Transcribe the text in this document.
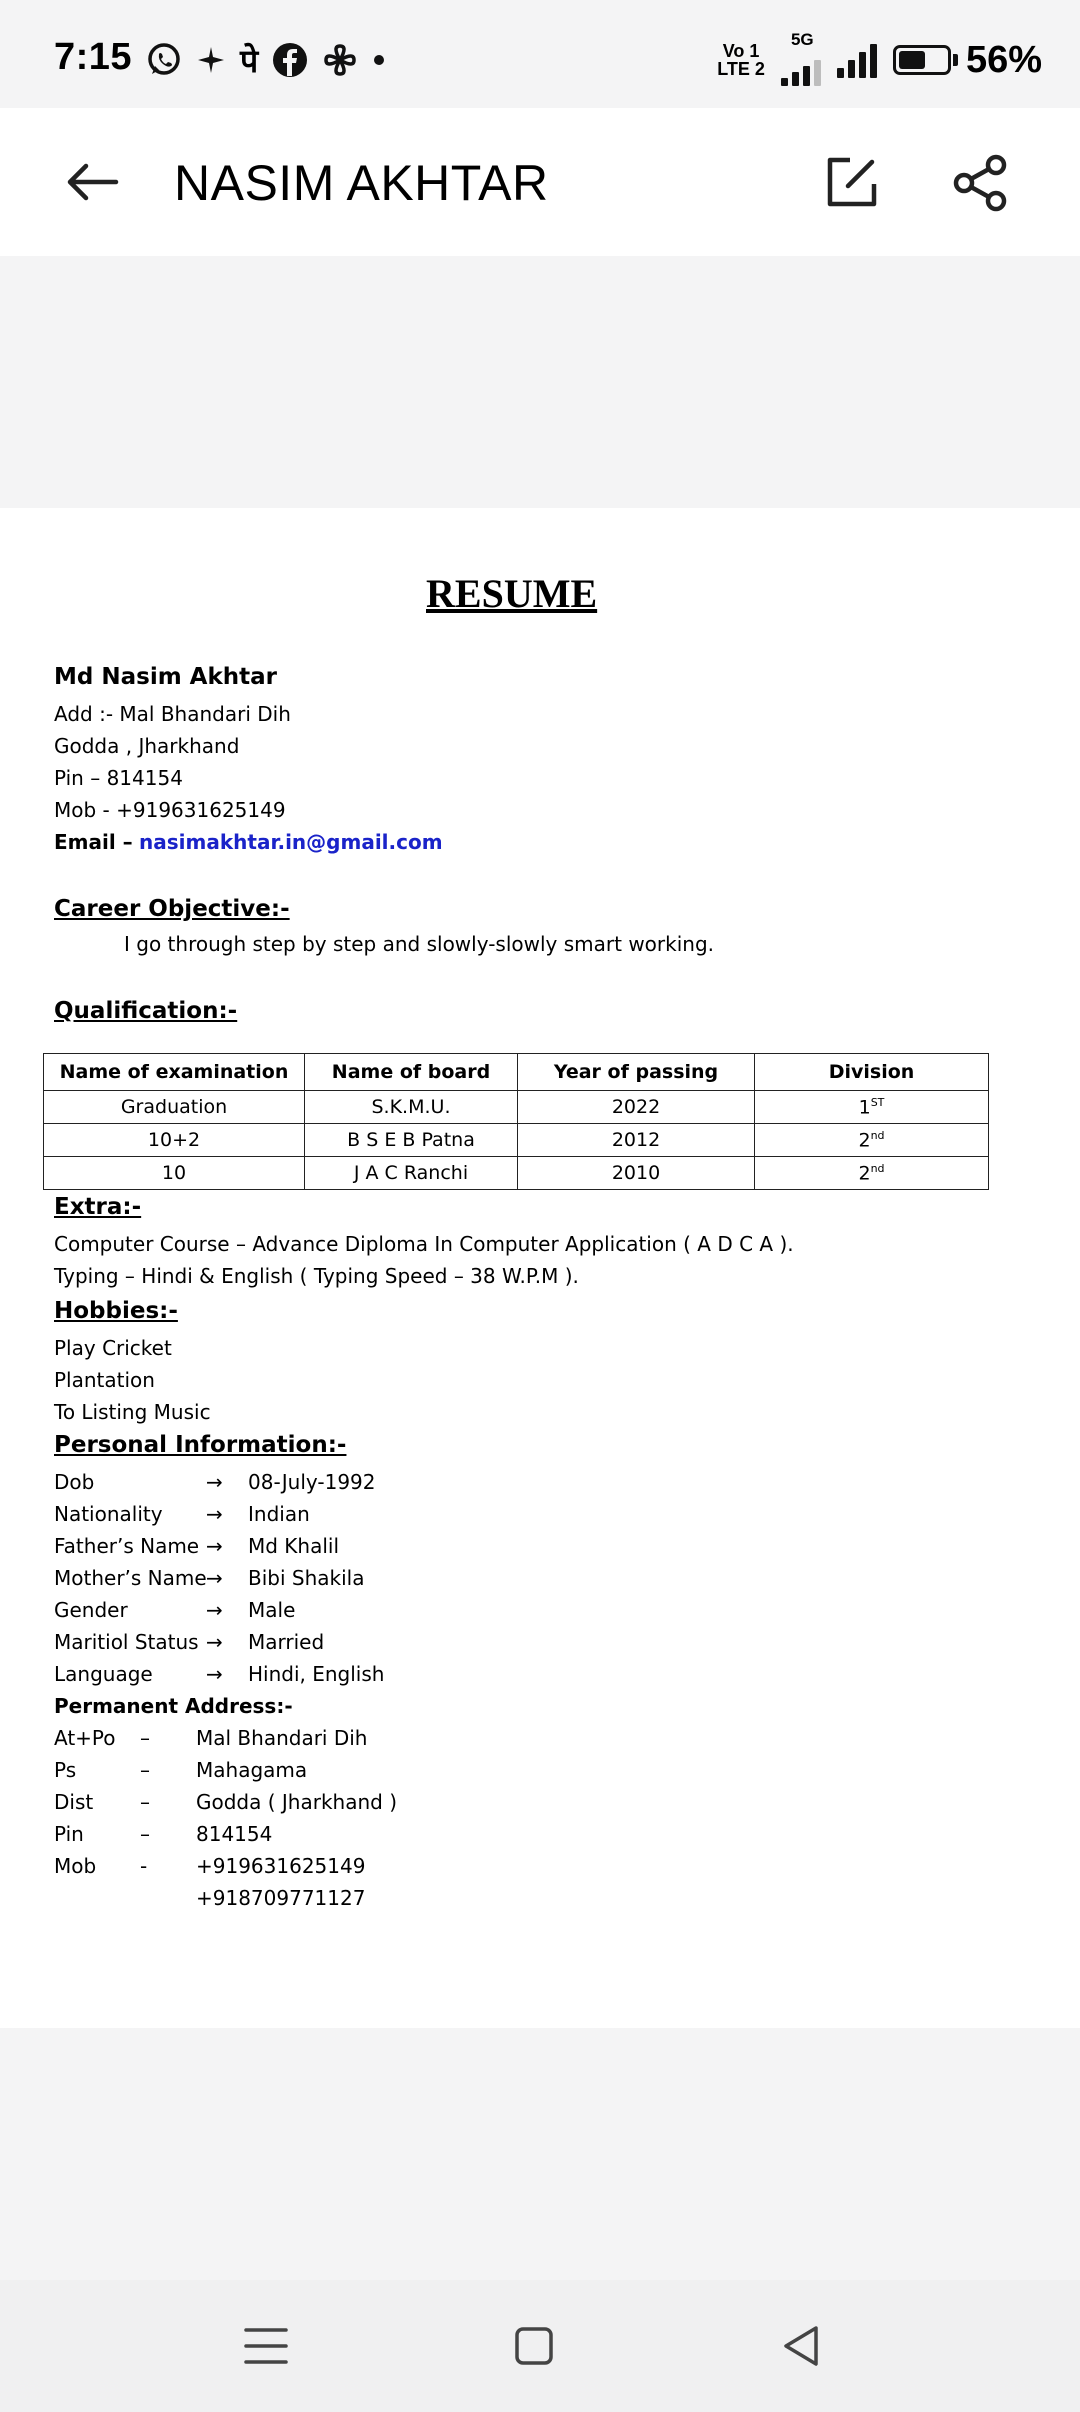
7:15	पे	Vo 1
LTE 2
5G	56%
NASIM AKHTAR
RESUME
Md Nasim Akhtar
Add :- Mal Bhandari Dih
Godda , Jharkhand
Pin – 814154
Mob - +919631625149
Email – nasimakhtar.in@gmail.com
Career Objective:-
I go through step by step and slowly-slowly smart working.
Qualification:-
Name of examination	Name of board	Year of passing	Division
Graduation	S.K.M.U.	2022	1ST
10+2	B S E B Patna	2012	2nd
10	J A C Ranchi	2010	2nd
Extra:-
Computer Course – Advance Diploma In Computer Application ( A D C A ).
Typing – Hindi & English ( Typing Speed – 38 W.P.M ).
Hobbies:-
Play Cricket
Plantation
To Listing Music
Personal Information:-
Dob	→ 08-July-1992
Nationality → Indian
Father’s Name → Md Khalil
Mother’s Name → Bibi Shakila
Gender	→ Male
Maritiol Status → Married
Language	→ Hindi, English
Permanent Address:-
At+Po – Mal Bhandari Dih
Ps	– Mahagama
Dist – Godda ( Jharkhand )
Pin	– 814154
Mob - +919631625149
+918709771127
